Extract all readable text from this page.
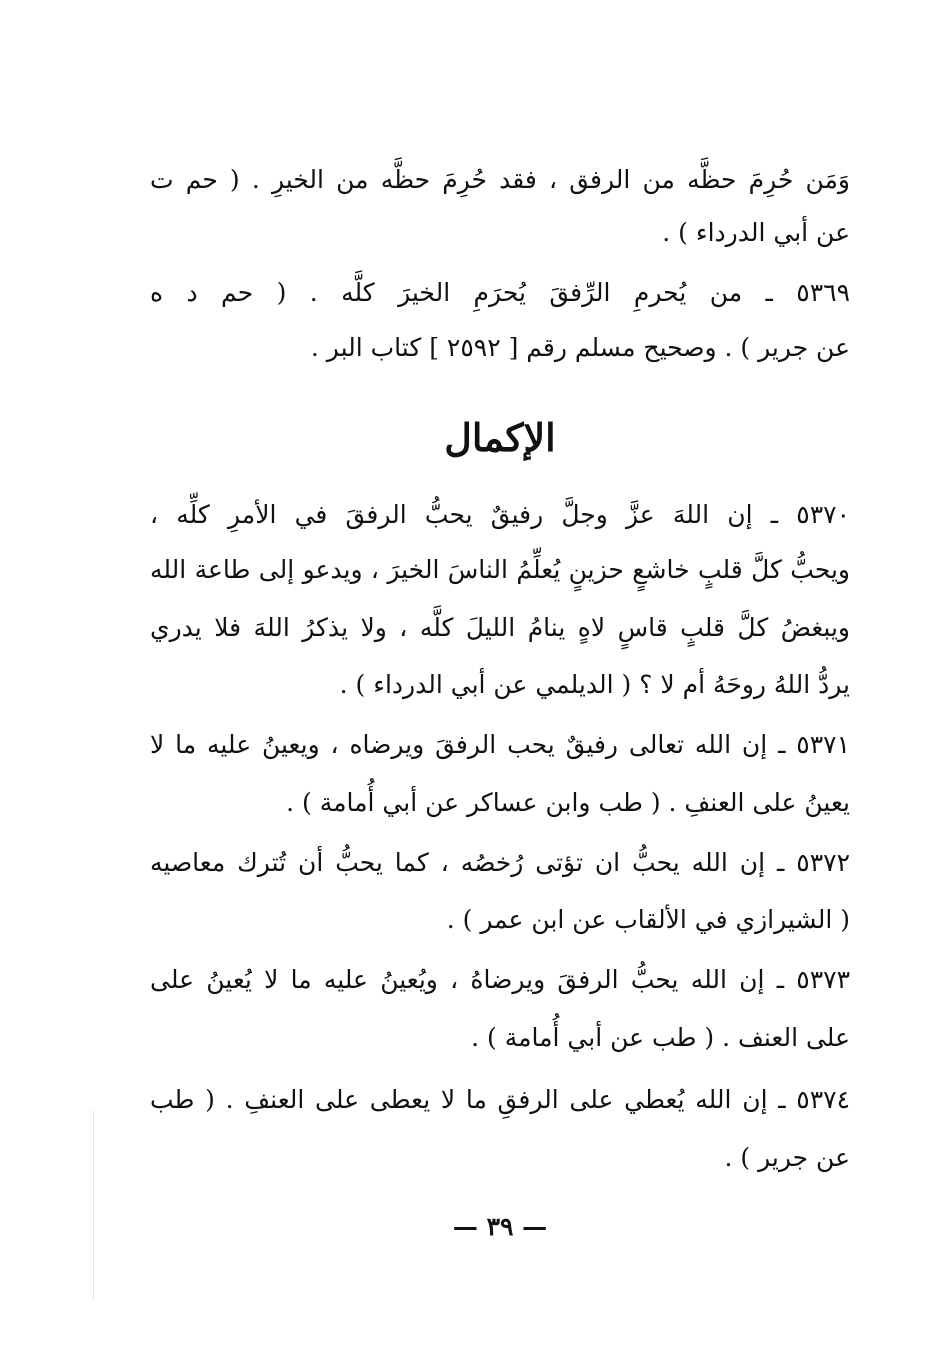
وَمَن حُرِمَ حظَّه من الرفق ، فقد حُرِمَ حظَّه من الخيرِ . ( حم ت
عن أبي الدرداء ) .
٥٣٦٩ ـ من يُحرمِ الرِّفقَ يُحرَمِ الخيرَ كلَّه . ( حم د ه
عن جرير ) . وصحيح مسلم رقم [ ٢٥٩٢ ] كتاب البر .
الإكمال
٥٣٧٠ ـ إن اللهَ عزَّ وجلَّ رفيقٌ يحبُّ الرفقَ في الأمرِ كلِّه ،
ويحبُّ كلَّ قلبٍ خاشعٍ حزينٍ يُعلِّمُ الناسَ الخيرَ ، ويدعو إلى طاعة الله
ويبغضُ كلَّ قلبٍ قاسٍ لاهٍ ينامُ الليلَ كلَّه ، ولا يذكرُ اللهَ فلا يدري
يردُّ اللهُ روحَهُ أم لا ؟ ( الديلمي عن أبي الدرداء ) .
٥٣٧١ ـ إن الله تعالى رفيقٌ يحب الرفقَ ويرضاه ، ويعينُ عليه ما لا
يعينُ على العنفِ . ( طب وابن عساكر عن أبي أُمامة ) .
٥٣٧٢ ـ إن الله يحبُّ ان تؤتى رُخصُه ، كما يحبُّ أن تُترك معاصيه
( الشيرازي في الألقاب عن ابن عمر ) .
٥٣٧٣ ـ إن الله يحبُّ الرفقَ ويرضاهُ ، ويُعينُ عليه ما لا يُعينُ على
على العنف . ( طب عن أبي أُمامة ) .
٥٣٧٤ ـ إن الله يُعطي على الرفقِ ما لا يعطى على العنفِ . ( طب
عن جرير ) .
— ٣٩ —
